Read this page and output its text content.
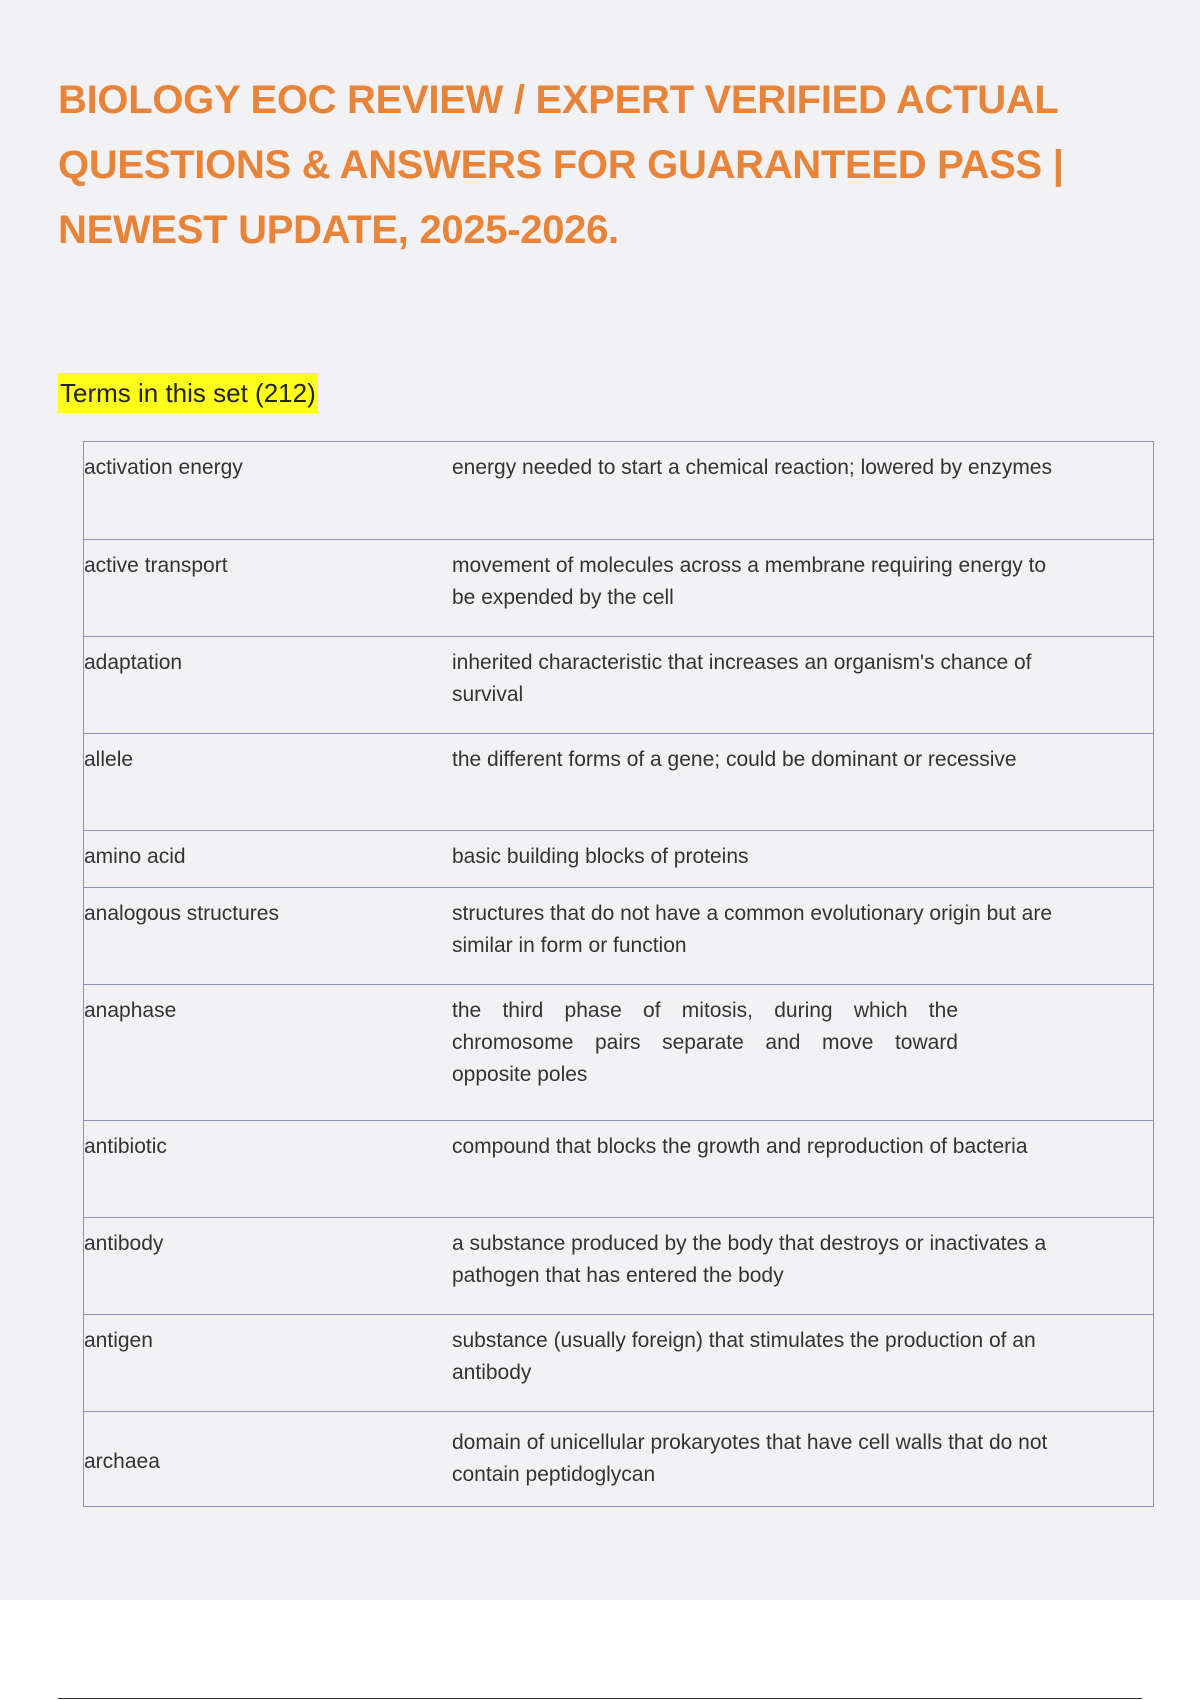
BIOLOGY EOC REVIEW / EXPERT VERIFIED ACTUAL QUESTIONS & ANSWERS FOR GUARANTEED PASS | NEWEST UPDATE, 2025-2026.
Terms in this set (212)
activation energy	energy needed to start a chemical reaction; lowered by enzymes
active transport	movement of molecules across a membrane requiring energy to be expended by the cell
adaptation	inherited characteristic that increases an organism's chance of survival
allele	the different forms of a gene; could be dominant or recessive
amino acid	basic building blocks of proteins
analogous structures	structures that do not have a common evolutionary origin but are similar in form or function
anaphase	the third phase of mitosis, during which the chromosome pairs separate and move toward opposite poles
antibiotic	compound that blocks the growth and reproduction of bacteria
antibody	a substance produced by the body that destroys or inactivates a pathogen that has entered the body
antigen	substance (usually foreign) that stimulates the production of an antibody
archaea	domain of unicellular prokaryotes that have cell walls that do not contain peptidoglycan
